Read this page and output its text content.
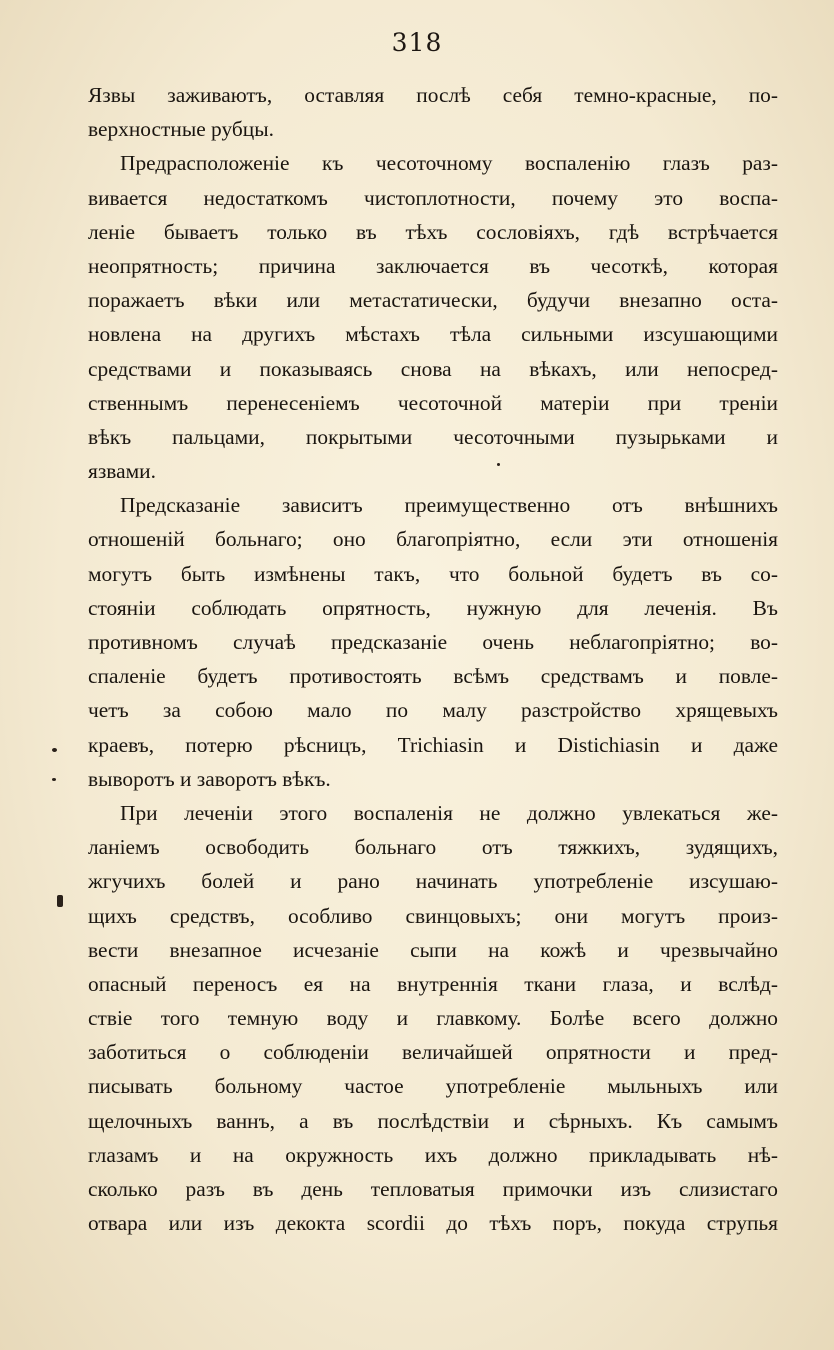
318
Язвы заживаютъ, оставляя послѣ себя темно-красные, по-
верхностные рубцы.
Предрасположеніе къ чесоточному воспаленію глазъ раз-
вивается недостаткомъ чистоплотности, почему это воспа-
леніе бываетъ только въ тѣхъ сословіяхъ, гдѣ встрѣчается
неопрятность; причина заключается въ чесоткѣ, которая
поражаетъ вѣки или метастатически, будучи внезапно оста-
новлена на другихъ мѣстахъ тѣла сильными изсушающими
средствами и показываясь снова на вѣкахъ, или непосред-
ственнымъ перенесеніемъ чесоточной матеріи при треніи
вѣкъ пальцами, покрытыми чесоточными пузырьками и
язвами.
Предсказаніе зависитъ преимущественно отъ внѣшнихъ
отношеній больнаго; оно благопріятно, если эти отношенія
могутъ быть измѣнены такъ, что больной будетъ въ со-
стояніи соблюдать опрятность, нужную для леченія. Въ
противномъ случаѣ предсказаніе очень неблагопріятно; во-
спаленіе будетъ противостоять всѣмъ средствамъ и повле-
четъ за собою мало по малу разстройство хрящевыхъ
краевъ, потерю рѣсницъ, Trichiasin и Distichiasin и даже
выворотъ и заворотъ вѣкъ.
При леченіи этого воспаленія не должно увлекаться же-
ланіемъ освободить больнаго отъ тяжкихъ, зудящихъ,
жгучихъ болей и рано начинать употребленіе изсушаю-
щихъ средствъ, особливо свинцовыхъ; они могутъ произ-
вести внезапное исчезаніе сыпи на кожѣ и чрезвычайно
опасный переносъ ея на внутреннія ткани глаза, и вслѣд-
ствіе того темную воду и главкому. Болѣе всего должно
заботиться о соблюденіи величайшей опрятности и пред-
писывать больному частое употребленіе мыльныхъ или
щелочныхъ ваннъ, а въ послѣдствіи и сѣрныхъ. Къ самымъ
глазамъ и на окружность ихъ должно прикладывать нѣ-
сколько разъ въ день тепловатыя примочки изъ слизистаго
отвара или изъ декокта scordii до тѣхъ поръ, покуда струпья
